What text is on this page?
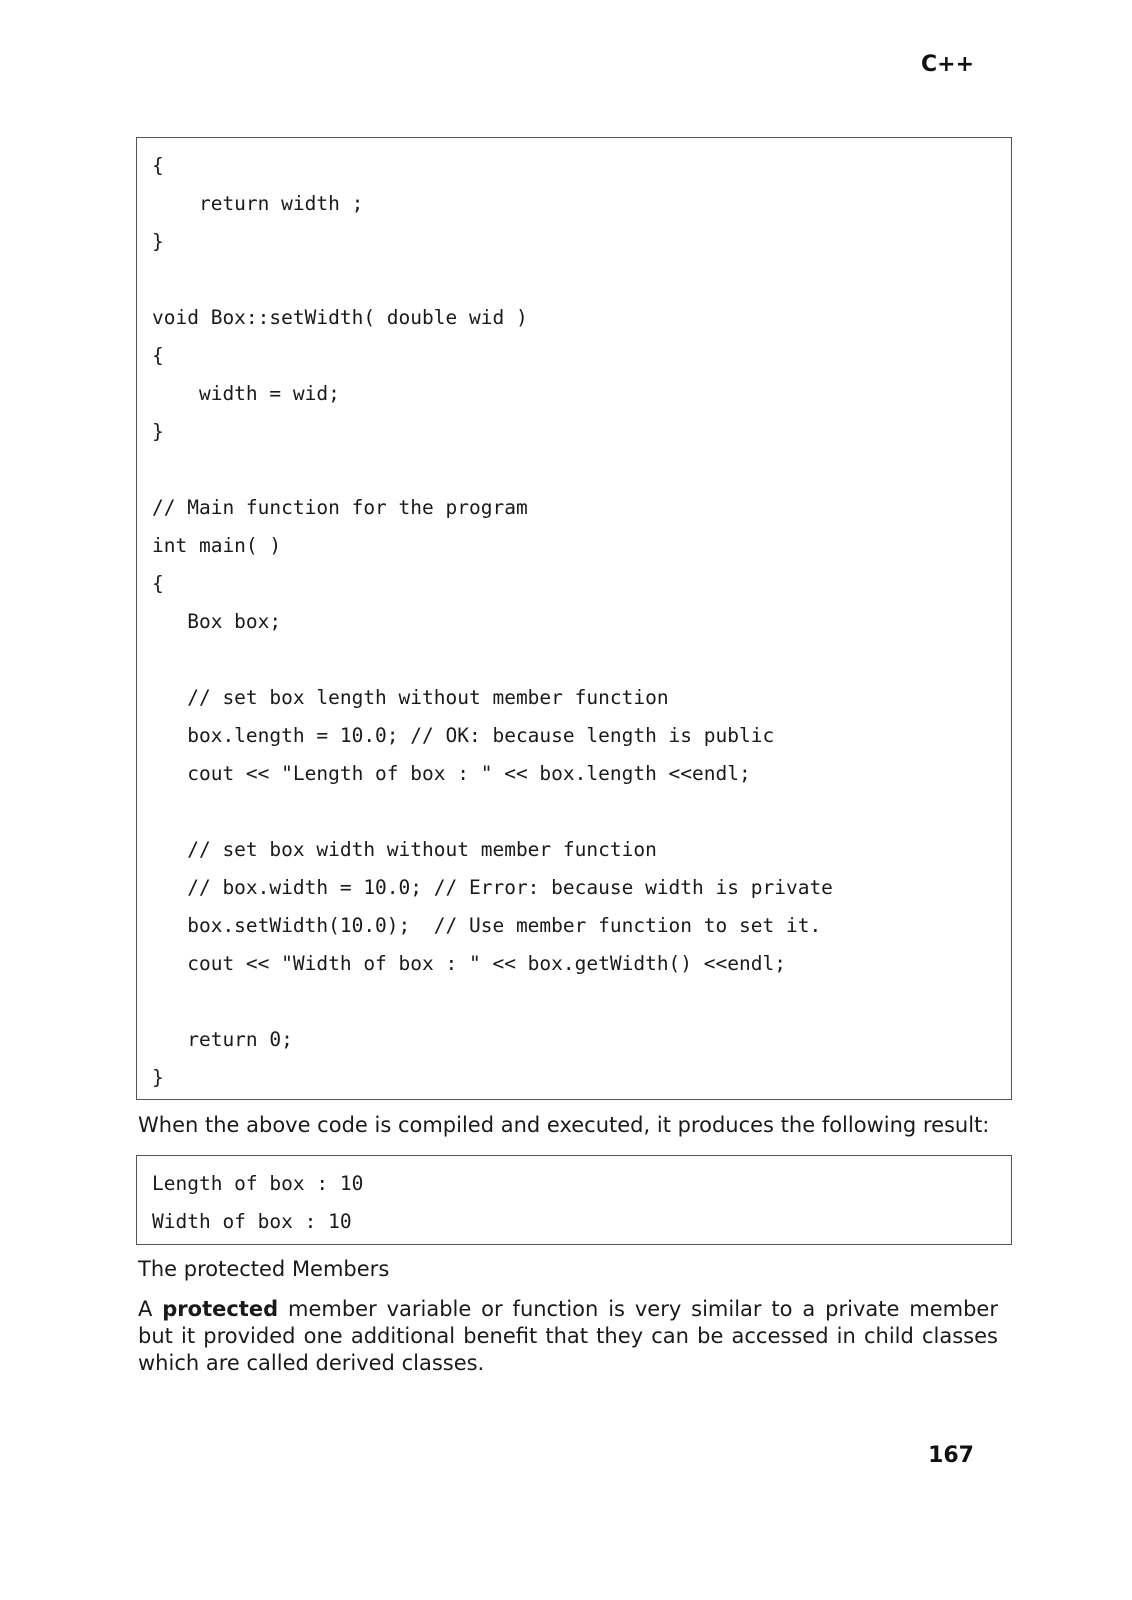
C++
{
return width ;
}
void Box::setWidth( double wid )
{
width = wid;
}
// Main function for the program
int main( )
{
Box box;
// set box length without member function
box.length = 10.0; // OK: because length is public
cout << "Length of box : " << box.length <<endl;
// set box width without member function
// box.width = 10.0; // Error: because width is private
box.setWidth(10.0);  // Use member function to set it.
cout << "Width of box : " << box.getWidth() <<endl;
return 0;
}
When the above code is compiled and executed, it produces the following result:
Length of box : 10
Width of box : 10
The protected Members
A protected member variable or function is very similar to a private member but it provided one additional benefit that they can be accessed in child classes which are called derived classes.
167
